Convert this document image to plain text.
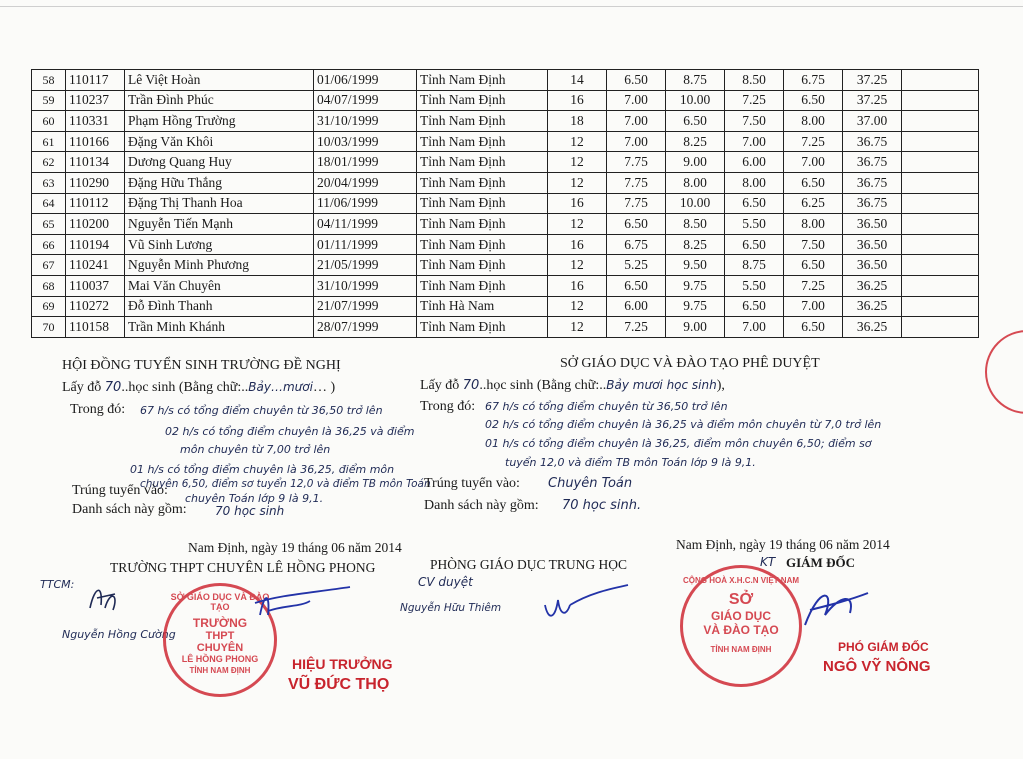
58	110117	Lê Việt Hoàn	01/06/1999	Tỉnh Nam Định	14	6.50	8.75	8.50	6.75	37.25	
59	110237	Trần Đình Phúc	04/07/1999	Tỉnh Nam Định	16	7.00	10.00	7.25	6.50	37.25	
60	110331	Phạm Hồng Trường	31/10/1999	Tỉnh Nam Định	18	7.00	6.50	7.50	8.00	37.00	
61	110166	Đặng Văn Khôi	10/03/1999	Tỉnh Nam Định	12	7.00	8.25	7.00	7.25	36.75	
62	110134	Dương Quang Huy	18/01/1999	Tỉnh Nam Định	12	7.75	9.00	6.00	7.00	36.75	
63	110290	Đặng Hữu Thắng	20/04/1999	Tỉnh Nam Định	12	7.75	8.00	8.00	6.50	36.75	
64	110112	Đặng Thị Thanh Hoa	11/06/1999	Tỉnh Nam Định	16	7.75	10.00	6.50	6.25	36.75	
65	110200	Nguyễn Tiến Mạnh	04/11/1999	Tỉnh Nam Định	12	6.50	8.50	5.50	8.00	36.50	
66	110194	Vũ Sinh Lương	01/11/1999	Tỉnh Nam Định	16	6.75	8.25	6.50	7.50	36.50	
67	110241	Nguyễn Minh Phương	21/05/1999	Tỉnh Nam Định	12	5.25	9.50	8.75	6.50	36.50	
68	110037	Mai Văn Chuyên	31/10/1999	Tỉnh Nam Định	16	6.50	9.75	5.50	7.25	36.25	
69	110272	Đỗ Đình Thanh	21/07/1999	Tỉnh Hà Nam	12	6.00	9.75	6.50	7.00	36.25	
70	110158	Trần Minh Khánh	28/07/1999	Tỉnh Nam Định	12	7.25	9.00	7.00	6.50	36.25	
HỘI ĐỒNG TUYỂN SINH TRƯỜNG ĐỀ NGHỊ
Lấy đỗ 70..học sinh (Bằng chữ:..Bảy…mươi… )
Trong đó: 67 h/s có tổng điểm chuyên từ 36,50 trở lên
02 h/s có tổng điểm chuyên là 36,25 và điểm
môn chuyên từ 7,00 trở lên
01 h/s có tổng điểm chuyên là 36,25, điểm môn
chuyên 6,50, điểm sơ tuyển 12,0 và điểm TB môn Toán
chuyên Toán lớp 9 là 9,1.
Trúng tuyển vào:
Danh sách này gồm: 70 học sinh
SỞ GIÁO DỤC VÀ ĐÀO TẠO PHÊ DUYỆT
Lấy đỗ 70..học sinh (Bằng chữ:..Bảy mươi học sinh),
Trong đó: 67 h/s có tổng điểm chuyên từ 36,50 trở lên
02 h/s có tổng điểm chuyên là 36,25 và điểm môn chuyên từ 7,0 trở lên
01 h/s có tổng điểm chuyên là 36,25, điểm môn chuyên 6,50; điểm sơ
tuyển 12,0 và điểm TB môn Toán lớp 9 là 9,1.
Trúng tuyển vào: Chuyên Toán
Danh sách này gồm: 70 học sinh.
Nam Định, ngày 19 tháng 06 năm 2014
TRƯỜNG THPT CHUYÊN LÊ HỒNG PHONG	PHÒNG GIÁO DỤC TRUNG HỌC
Nam Định, ngày 19 tháng 06 năm 2014
KT GIÁM ĐỐC
TTCM:
Nguyễn Hồng Cường
CV duyệt
Nguyễn Hữu Thiêm
SỞ GIÁO DỤC VÀ ĐÀO TẠO
TRƯỜNG
THPT
CHUYÊN
LÊ HỒNG PHONG
TỈNH NAM ĐỊNH
CỘNG HOÀ X.H.C.N VIỆT NAM
SỞ
GIÁO DỤC
VÀ ĐÀO TẠO
TỈNH NAM ĐỊNH
HIỆU TRƯỞNG
VŨ ĐỨC THỌ
PHÓ GIÁM ĐỐC
NGÔ VỸ NÔNG
